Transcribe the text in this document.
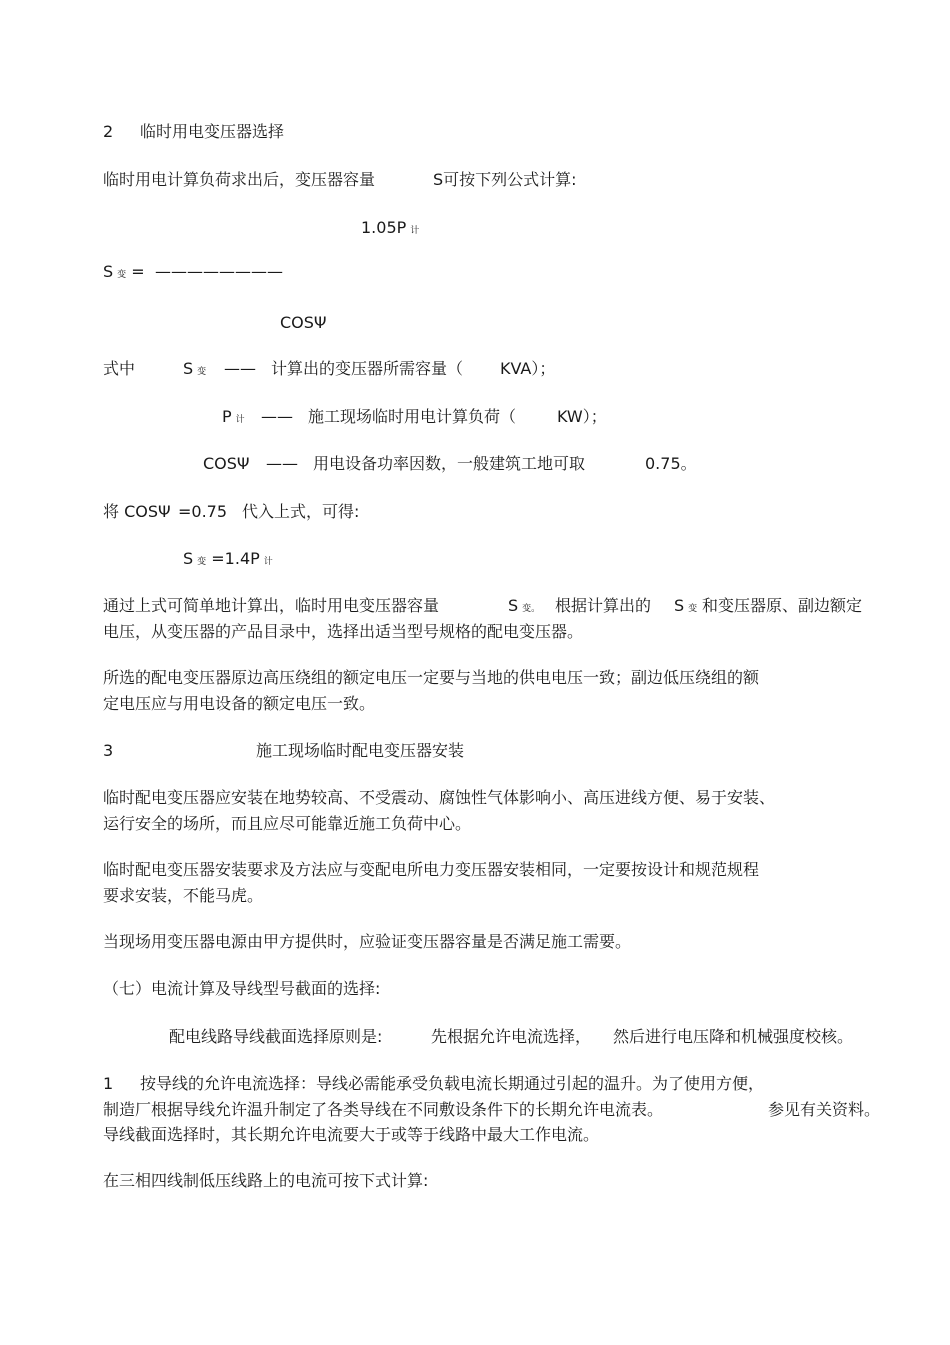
2 临时用电变压器选择
临时用电计算负荷求出后，变压器容量	S可按下列公式计算:
1.05P 计
S变 = ————————
COSΨ
式中	S变 —— 计算出的变压器所需容量（ KVA）；
P计 —— 施工现场临时用电计算负荷（	KW）；
COSΨ —— 用电设备功率因数，一般建筑工地可取	0.75。
将 COSΨ =0.75 代入上式，可得:
S变 =1.4P 计
通过上式可简单地计算出，临时用电变压器容量	S变。 根据计算出的 S变 和变压器原、副边额定
电压，从变压器的产品目录中，选择出适当型号规格的配电变压器。
所选的配电变压器原边高压绕组的额定电压一定要与当地的供电电压一致；副边低压绕组的额
定电压应与用电设备的额定电压一致。
3	施工现场临时配电变压器安装
临时配电变压器应安装在地势较高、不受震动、腐蚀性气体影响小、高压进线方便、易于安装、
运行安全的场所，而且应尽可能靠近施工负荷中心。
临时配电变压器安装要求及方法应与变配电所电力变压器安装相同，一定要按设计和规范规程
要求安装，不能马虎。
当现场用变压器电源由甲方提供时，应验证变压器容量是否满足施工需要。
（七）电流计算及导线型号截面的选择:
配电线路导线截面选择原则是:	先根据允许电流选择， 然后进行电压降和机械强度校核。
1 按导线的允许电流选择：导线必需能承受负载电流长期通过引起的温升。为了使用方便，
制造厂根据导线允许温升制定了各类导线在不同敷设条件下的长期允许电流表。	参见有关资料。
导线截面选择时，其长期允许电流要大于或等于线路中最大工作电流。
在三相四线制低压线路上的电流可按下式计算:
